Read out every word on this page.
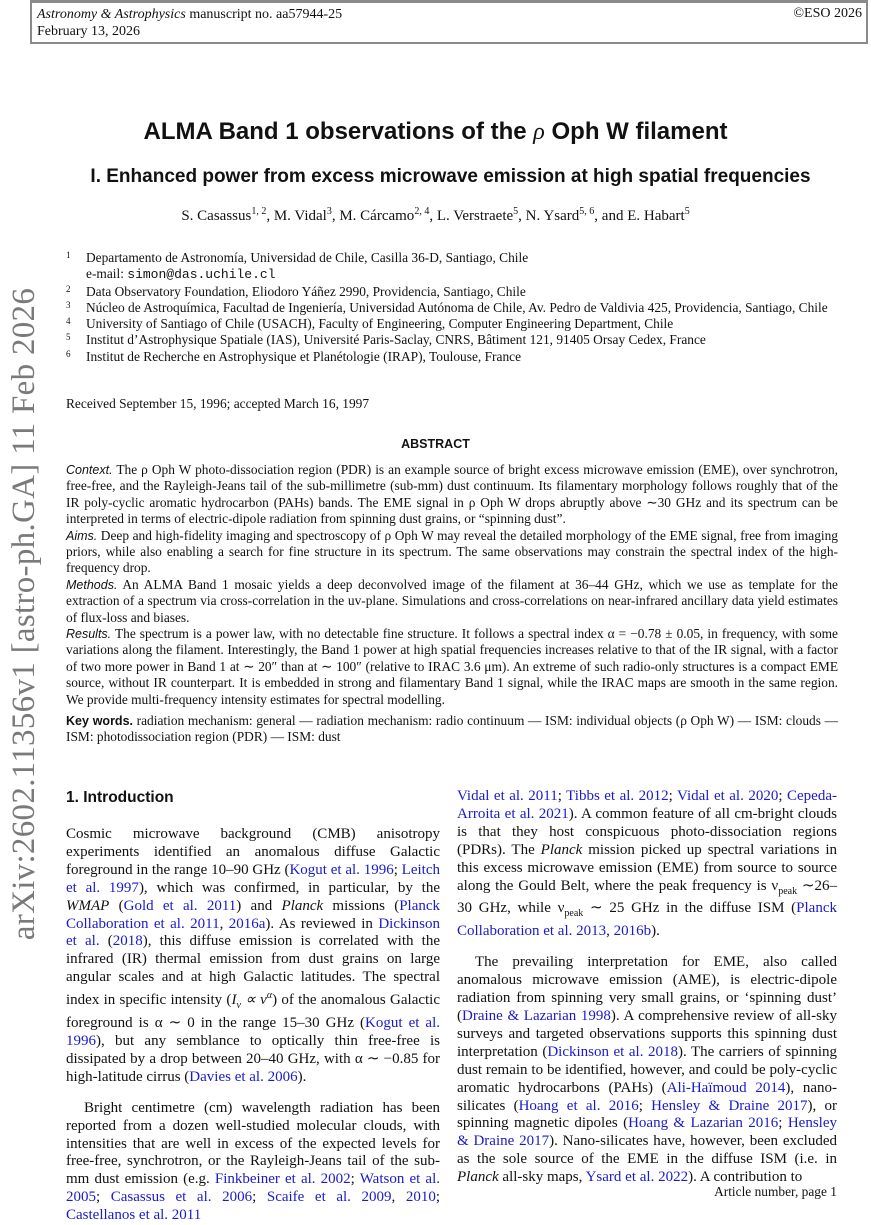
Astronomy & Astrophysics manuscript no. aa57944-25
February 13, 2026
©ESO 2026
arXiv:2602.11356v1 [astro-ph.GA] 11 Feb 2026
ALMA Band 1 observations of the ρ Oph W filament
I. Enhanced power from excess microwave emission at high spatial frequencies
S. Casassus$^{1, 2}$, M. Vidal$^3$, M. Cárcamo$^{2, 4}$, L. Verstraete$^5$, N. Ysard$^{5, 6}$, and E. Habart$^5$
1 Departamento de Astronomía, Universidad de Chile, Casilla 36-D, Santiago, Chile
e-mail: simon@das.uchile.cl
2 Data Observatory Foundation, Eliodoro Yáñez 2990, Providencia, Santiago, Chile
3 Núcleo de Astroquímica, Facultad de Ingeniería, Universidad Autónoma de Chile, Av. Pedro de Valdivia 425, Providencia, Santiago, Chile
4 University of Santiago of Chile (USACH), Faculty of Engineering, Computer Engineering Department, Chile
5 Institut d’Astrophysique Spatiale (IAS), Université Paris-Saclay, CNRS, Bâtiment 121, 91405 Orsay Cedex, France
6 Institut de Recherche en Astrophysique et Planétologie (IRAP), Toulouse, France
Received September 15, 1996; accepted March 16, 1997
ABSTRACT

Context. The ρ Oph W photo-dissociation region (PDR) is an example source of bright excess microwave emission (EME), over synchrotron, free-free, and the Rayleigh-Jeans tail of the sub-millimetre (sub-mm) dust continuum. Its filamentary morphology follows roughly that of the IR poly-cyclic aromatic hydrocarbon (PAHs) bands. The EME signal in ρ Oph W drops abruptly above ∼30 GHz and its spectrum can be interpreted in terms of electric-dipole radiation from spinning dust grains, or “spinning dust”.

Aims. Deep and high-fidelity imaging and spectroscopy of ρ Oph W may reveal the detailed morphology of the EME signal, free from imaging priors, while also enabling a search for fine structure in its spectrum. The same observations may constrain the spectral index of the high-frequency drop.

Methods. An ALMA Band 1 mosaic yields a deep deconvolved image of the filament at 36–44 GHz, which we use as template for the extraction of a spectrum via cross-correlation in the uv-plane. Simulations and cross-correlations on near-infrared ancillary data yield estimates of flux-loss and biases.

Results. The spectrum is a power law, with no detectable fine structure. It follows a spectral index α = −0.78 ± 0.05, in frequency, with some variations along the filament. Interestingly, the Band 1 power at high spatial frequencies increases relative to that of the IR signal, with a factor of two more power in Band 1 at ∼ 20″ than at ∼ 100″ (relative to IRAC 3.6 μm). An extreme of such radio-only structures is a compact EME source, without IR counterpart. It is embedded in strong and filamentary Band 1 signal, while the IRAC maps are smooth in the same region. We provide multi-frequency intensity estimates for spectral modelling.

Key words. radiation mechanism: general — radiation mechanism: radio continuum — ISM: individual objects (ρ Oph W) — ISM: clouds — ISM: photodissociation region (PDR) — ISM: dust
1. Introduction

Cosmic microwave background (CMB) anisotropy experiments identified an anomalous diffuse Galactic foreground in the range 10–90 GHz (Kogut et al. 1996; Leitch et al. 1997), which was confirmed, in particular, by the WMAP (Gold et al. 2011) and Planck missions (Planck Collaboration et al. 2011, 2016a). As reviewed in Dickinson et al. (2018), this diffuse emission is correlated with the infrared (IR) thermal emission from dust grains on large angular scales and at high Galactic latitudes. The spectral index in specific intensity $(I_\nu \propto \nu^\alpha)$ of the anomalous Galactic foreground is α ∼ 0 in the range 15–30 GHz (Kogut et al. 1996), but any semblance to optically thin free-free is dissipated by a drop between 20–40 GHz, with α ∼ −0.85 for high-latitude cirrus (Davies et al. 2006).

Bright centimetre (cm) wavelength radiation has been reported from a dozen well-studied molecular clouds, with intensities that are well in excess of the expected levels for free-free, synchrotron, or the Rayleigh-Jeans tail of the sub-mm dust emission (e.g. Finkbeiner et al. 2002; Watson et al. 2005; Casassus et al. 2006; Scaife et al. 2009, 2010; Castellanos et al. 2011

Vidal et al. 2011; Tibbs et al. 2012; Vidal et al. 2020; Cepeda-Arroita et al. 2021). A common feature of all cm-bright clouds is that they host conspicuous photo-dissociation regions (PDRs). The Planck mission picked up spectral variations in this excess microwave emission (EME) from source to source along the Gould Belt, where the peak frequency is $\nu_{peak}$ ∼26–30 GHz, while $\nu_{peak}$ ∼ 25 GHz in the diffuse ISM (Planck Collaboration et al. 2013, 2016b).

The prevailing interpretation for EME, also called anomalous microwave emission (AME), is electric-dipole radiation from spinning very small grains, or ‘spinning dust’ (Draine & Lazarian 1998). A comprehensive review of all-sky surveys and targeted observations supports this spinning dust interpretation (Dickinson et al. 2018). The carriers of spinning dust remain to be identified, however, and could be poly-cyclic aromatic hydrocarbons (PAHs) (Ali-Haïmoud 2014), nano-silicates (Hoang et al. 2016; Hensley & Draine 2017), or spinning magnetic dipoles (Hoang & Lazarian 2016; Hensley & Draine 2017). Nano-silicates have, however, been excluded as the sole source of the EME in the diffuse ISM (i.e. in Planck all-sky maps, Ysard et al. 2022). A contribution to

Article number, page 1
